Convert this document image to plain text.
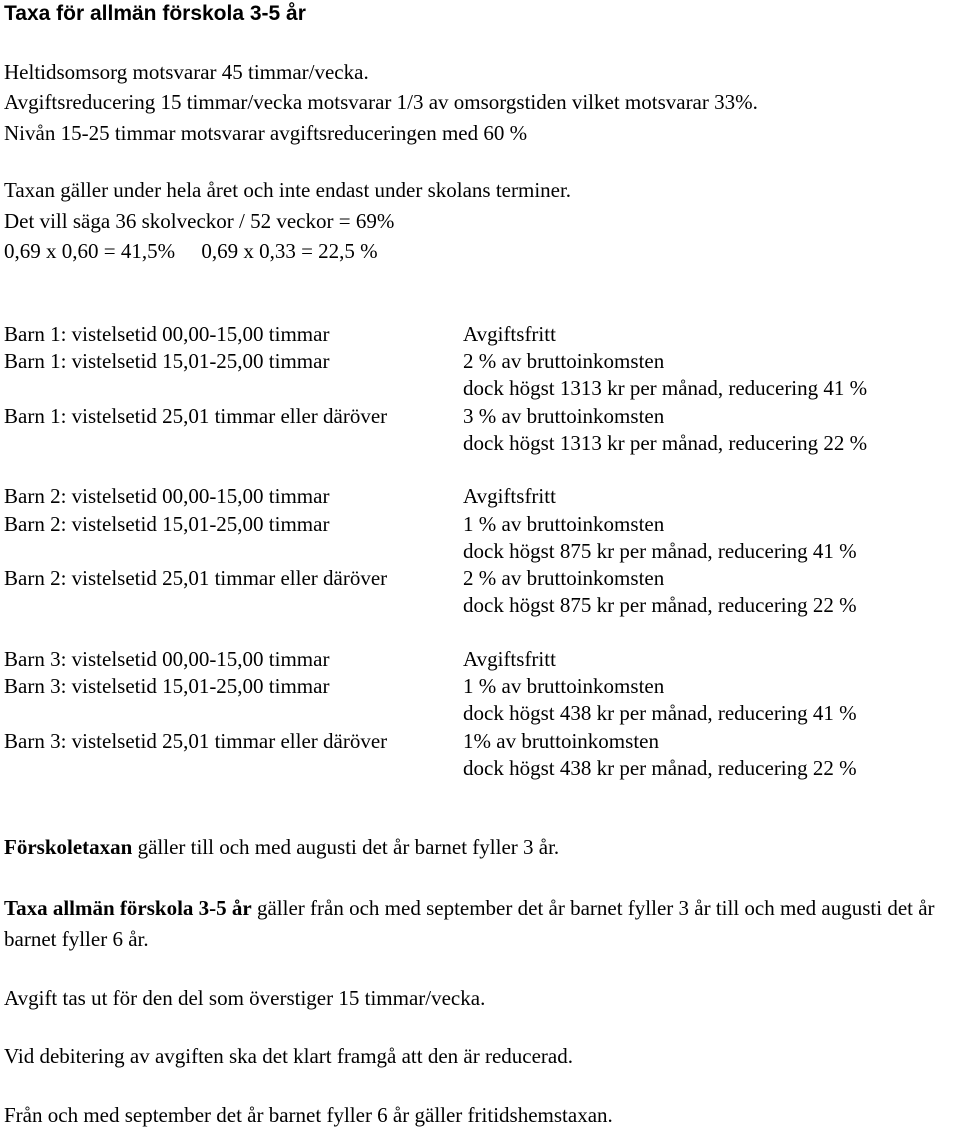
Taxa för allmän förskola 3-5 år
Heltidsomsorg motsvarar 45 timmar/vecka.
Avgiftsreducering 15 timmar/vecka motsvarar 1/3 av omsorgstiden vilket motsvarar 33%.
Nivån 15-25 timmar motsvarar avgiftsreduceringen med 60 %
Taxan gäller under hela året och inte endast under skolans terminer.
Det vill säga 36 skolveckor / 52 veckor = 69%
0,69 x 0,60 = 41,5%     0,69 x 0,33 = 22,5 %
Barn 1: vistelsetid 00,00-15,00 timmar	Avgiftsfritt
Barn 1: vistelsetid 15,01-25,00 timmar	2 % av bruttoinkomsten
dock högst 1313 kr per månad, reducering 41 %
Barn 1: vistelsetid 25,01 timmar eller däröver	3 % av bruttoinkomsten
dock högst 1313 kr per månad, reducering 22 %
Barn 2: vistelsetid 00,00-15,00 timmar	Avgiftsfritt
Barn 2: vistelsetid 15,01-25,00 timmar	1 % av bruttoinkomsten
dock högst 875 kr per månad, reducering 41 %
Barn 2: vistelsetid 25,01 timmar eller däröver	2 % av bruttoinkomsten
dock högst 875 kr per månad, reducering 22 %
Barn 3: vistelsetid 00,00-15,00 timmar	Avgiftsfritt
Barn 3: vistelsetid 15,01-25,00 timmar	1 % av bruttoinkomsten
dock högst 438 kr per månad, reducering 41 %
Barn 3: vistelsetid 25,01 timmar eller däröver	1% av bruttoinkomsten
dock högst 438 kr per månad, reducering 22 %
Förskoletaxan gäller till och med augusti det år barnet fyller 3 år.
Taxa allmän förskola 3-5 år gäller från och med september det år barnet fyller 3 år till och med augusti det år barnet fyller 6 år.
Avgift tas ut för den del som överstiger 15 timmar/vecka.
Vid debitering av avgiften ska det klart framgå att den är reducerad.
Från och med september det år barnet fyller 6 år gäller fritidshemstaxan.
